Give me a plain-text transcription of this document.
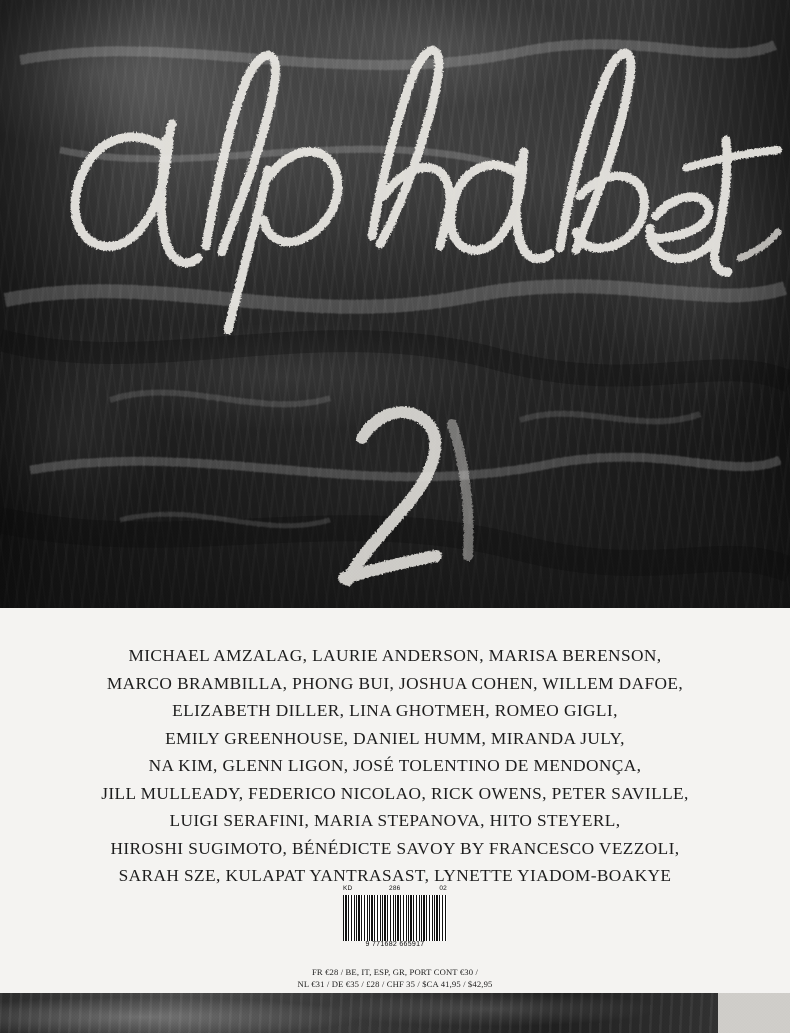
MICHAEL AMZALAG, LAURIE ANDERSON, MARISA BERENSON,
MARCO BRAMBILLA, PHONG BUI, JOSHUA COHEN, WILLEM DAFOE,
ELIZABETH DILLER, LINA GHOTMEH, ROMEO GIGLI,
EMILY GREENHOUSE, DANIEL HUMM, MIRANDA JULY,
NA KIM, GLENN LIGON, JOSÉ TOLENTINO DE MENDONÇA,
JILL MULLEADY, FEDERICO NICOLAO, RICK OWENS, PETER SAVILLE,
LUIGI SERAFINI, MARIA STEPANOVA, HITO STEYERL,
HIROSHI SUGIMOTO, BÉNÉDICTE SAVOY BY FRANCESCO VEZZOLI,
SARAH SZE, KULAPAT YANTRASAST, LYNETTE YIADOM-BOAKYE
KD	286	02
9 771682 665917
FR €28 / BE, IT, ESP, GR, PORT CONT €30 /
NL €31 / DE €35 / £28 / CHF 35 / $CA 41,95 / $42,95
